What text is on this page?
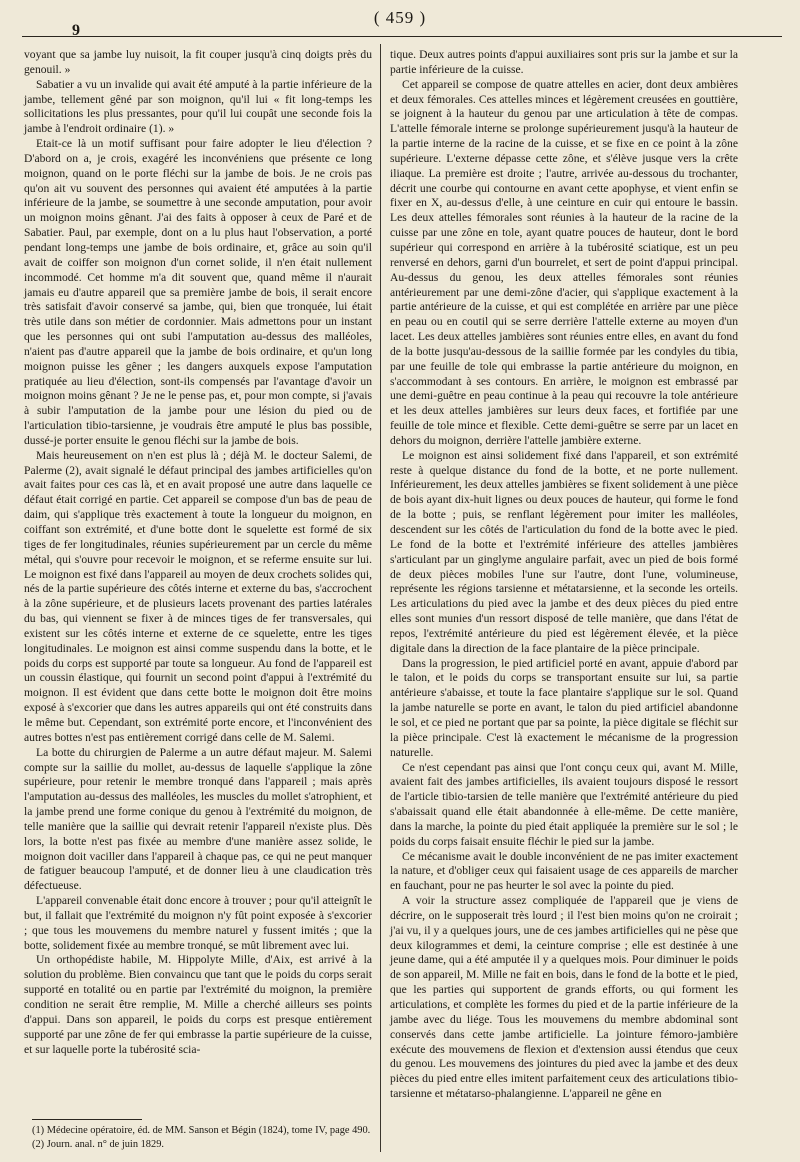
9
( 459 )

voyant que sa jambe luy nuisoit, la fit couper jusqu'à cinq doigts près du genouil. »

Sabatier a vu un invalide qui avait été amputé à la partie inférieure de la jambe, tellement gêné par son moignon, qu'il lui « fit long-temps les sollicitations les plus pressantes, pour qu'il lui coupât une seconde fois la jambe à l'endroit ordinaire (1). »

Etait-ce là un motif suffisant pour faire adopter le lieu d'élection ? D'abord on a, je crois, exagéré les inconvéniens que présente ce long moignon, quand on le porte fléchi sur la jambe de bois. Je ne crois pas qu'on ait vu souvent des personnes qui avaient été amputées à la partie inférieure de la jambe, se soumettre à une seconde amputation, pour avoir un moignon moins gênant. J'ai des faits à opposer à ceux de Paré et de Sabatier. Paul, par exemple, dont on a lu plus haut l'observation, a porté pendant long-temps une jambe de bois ordinaire, et, grâce au soin qu'il avait de coiffer son moignon d'un cornet solide, il n'en était nullement incommodé. Cet homme m'a dit souvent que, quand même il n'aurait jamais eu d'autre appareil que sa première jambe de bois, il serait encore très satisfait d'avoir conservé sa jambe, qui, bien que tronquée, lui était très utile dans son métier de cordonnier. Mais admettons pour un instant que les personnes qui ont subi l'amputation au-dessus des malléoles, n'aient pas d'autre appareil que la jambe de bois ordinaire, et qu'un long moignon puisse les gêner ; les dangers auxquels expose l'amputation pratiquée au lieu d'élection, sont-ils compensés par l'avantage d'avoir un moignon moins gênant ? Je ne le pense pas, et, pour mon compte, si j'avais à subir l'amputation de la jambe pour une lésion du pied ou de l'articulation tibio-tarsienne, je voudrais être amputé le plus bas possible, dussé-je porter ensuite le genou fléchi sur la jambe de bois.

Mais heureusement on n'en est plus là ; déjà M. le docteur Salemi, de Palerme (2), avait signalé le défaut principal des jambes artificielles qu'on avait faites pour ces cas là, et en avait proposé une autre dans laquelle ce défaut était corrigé en partie. Cet appareil se compose d'un bas de peau de daim, qui s'applique très exactement à toute la longueur du moignon, en coiffant son extrémité, et d'une botte dont le squelette est formé de six tiges de fer longitudinales, réunies supérieurement par un cercle du même métal, qui s'ouvre pour recevoir le moignon, et se referme ensuite sur lui. Le moignon est fixé dans l'appareil au moyen de deux crochets solides qui, nés de la partie supérieure des côtés interne et externe du bas, s'accrochent à la zône supérieure, et de plusieurs lacets provenant des parties latérales du bas, qui viennent se fixer à de minces tiges de fer transversales, qui existent sur les côtés interne et externe de ce squelette, entre les tiges longitudinales. Le moignon est ainsi comme suspendu dans la botte, et le poids du corps est supporté par toute sa longueur. Au fond de l'appareil est un coussin élastique, qui fournit un second point d'appui à l'extrémité du moignon. Il est évident que dans cette botte le moignon doit être moins exposé à s'excorier que dans les autres appareils qui ont été construits dans le même but. Cependant, son extrémité porte encore, et l'inconvénient des autres bottes n'est pas entièrement corrigé dans celle de M. Salemi.

La botte du chirurgien de Palerme a un autre défaut majeur. M. Salemi compte sur la saillie du mollet, au-dessus de laquelle s'applique la zône supérieure, pour retenir le membre tronqué dans l'appareil ; mais après l'amputation au-dessus des malléoles, les muscles du mollet s'atrophient, et la jambe prend une forme conique du genou à l'extrémité du moignon, de telle manière que la saillie qui devrait retenir l'appareil n'existe plus. Dès lors, la botte n'est pas fixée au membre d'une manière assez solide, le moignon doit vaciller dans l'appareil à chaque pas, ce qui ne peut manquer de fatiguer beaucoup l'amputé, et de donner lieu à une claudication très défectueuse.

L'appareil convenable était donc encore à trouver ; pour qu'il atteignît le but, il fallait que l'extrémité du moignon n'y fût point exposée à s'excorier ; que tous les mouvemens du membre naturel y fussent imités ; que la botte, solidement fixée au membre tronqué, se mût librement avec lui.

Un orthopédiste habile, M. Hippolyte Mille, d'Aix, est arrivé à la solution du problème. Bien convaincu que tant que le poids du corps serait supporté en totalité ou en partie par l'extrémité du moignon, la première condition ne serait être remplie, M. Mille a cherché ailleurs ses points d'appui. Dans son appareil, le poids du corps est presque entièrement supporté par une zône de fer qui embrasse la partie supérieure de la cuisse, et sur laquelle porte la tubérosité scia-

tique. Deux autres points d'appui auxiliaires sont pris sur la jambe et sur la partie inférieure de la cuisse.

Cet appareil se compose de quatre attelles en acier, dont deux ambières et deux fémorales. Ces attelles minces et légèrement creusées en gouttière, se joignent à la hauteur du genou par une articulation à tête de compas. L'attelle fémorale interne se prolonge supérieurement jusqu'à la hauteur de la partie interne de la racine de la cuisse, et se fixe en ce point à la zône supérieure. L'externe dépasse cette zône, et s'élève jusque vers la crête iliaque. La première est droite ; l'autre, arrivée au-dessous du trochanter, décrit une courbe qui contourne en avant cette apophyse, et vient enfin se fixer en X, au-dessus d'elle, à une ceinture en cuir qui entoure le bassin. Les deux attelles fémorales sont réunies à la hauteur de la racine de la cuisse par une zône en tole, ayant quatre pouces de hauteur, dont le bord supérieur qui correspond en arrière à la tubérosité sciatique, est un peu renversé en dehors, garni d'un bourrelet, et sert de point d'appui principal. Au-dessus du genou, les deux attelles fémorales sont réunies antérieurement par une demi-zône d'acier, qui s'applique exactement à la partie antérieure de la cuisse, et qui est complétée en arrière par une pièce en peau ou en coutil qui se serre derrière l'attelle externe au moyen d'un lacet. Les deux attelles jambières sont réunies entre elles, en avant du fond de la botte jusqu'au-dessous de la saillie formée par les condyles du tibia, par une feuille de tole qui embrasse la partie antérieure du moignon, en s'accommodant à ses contours. En arrière, le moignon est embrassé par une demi-guêtre en peau continue à la peau qui recouvre la tole antérieure et les deux attelles jambières sur leurs deux faces, et fortifiée par une feuille de tole mince et flexible. Cette demi-guêtre se serre par un lacet en dehors du moignon, derrière l'attelle jambière externe.

Le moignon est ainsi solidement fixé dans l'appareil, et son extrémité reste à quelque distance du fond de la botte, et ne porte nullement. Inférieurement, les deux attelles jambières se fixent solidement à une pièce de bois ayant dix-huit lignes ou deux pouces de hauteur, qui forme le fond de la botte ; puis, se renflant légèrement pour imiter les malléoles, descendent sur les côtés de l'articulation du fond de la botte avec le pied. Le fond de la botte et l'extrémité inférieure des attelles jambières s'articulant par un ginglyme angulaire parfait, avec un pied de bois formé de deux pièces mobiles l'une sur l'autre, dont l'une, volumineuse, représente les régions tarsienne et métatarsienne, et la seconde les orteils. Les articulations du pied avec la jambe et des deux pièces du pied entre elles sont munies d'un ressort disposé de telle manière, que dans l'état de repos, l'extrémité antérieure du pied est légèrement élevée, et la pièce digitale dans la direction de la face plantaire de la pièce principale.

Dans la progression, le pied artificiel porté en avant, appuie d'abord par le talon, et le poids du corps se transportant ensuite sur lui, sa partie antérieure s'abaisse, et toute la face plantaire s'applique sur le sol. Quand la jambe naturelle se porte en avant, le talon du pied artificiel abandonne le sol, et ce pied ne portant que par sa pointe, la pièce digitale se fléchit sur la pièce principale. C'est là exactement le mécanisme de la progression naturelle.

Ce n'est cependant pas ainsi que l'ont conçu ceux qui, avant M. Mille, avaient fait des jambes artificielles, ils avaient toujours disposé le ressort de l'article tibio-tarsien de telle manière que l'extrémité antérieure du pied s'abaissait quand elle était abandonnée à elle-même. De cette manière, dans la marche, la pointe du pied était appliquée la première sur le sol ; le poids du corps faisait ensuite fléchir le pied sur la jambe.

Ce mécanisme avait le double inconvénient de ne pas imiter exactement la nature, et d'obliger ceux qui faisaient usage de ces appareils de marcher en fauchant, pour ne pas heurter le sol avec la pointe du pied.

A voir la structure assez compliquée de l'appareil que je viens de décrire, on le supposerait très lourd ; il l'est bien moins qu'on ne croirait ; j'ai vu, il y a quelques jours, une de ces jambes artificielles qui ne pèse que deux kilogrammes et demi, la ceinture comprise ; elle est destinée à une jeune dame, qui a été amputée il y a quelques mois. Pour diminuer le poids de son appareil, M. Mille ne fait en bois, dans le fond de la botte et le pied, que les parties qui supportent de grands efforts, ou qui forment les articulations, et complète les formes du pied et de la partie inférieure de la jambe avec du liége. Tous les mouvemens du membre abdominal sont conservés dans cette jambe artificielle. La jointure fémoro-jambière exécute des mouvemens de flexion et d'extension aussi étendus que ceux du genou. Les mouvemens des jointures du pied avec la jambe et des deux pièces du pied entre elles imitent parfaitement ceux des articulations tibio-tarsienne et métatarso-phalangienne. L'appareil ne gêne en

(1) Médecine opératoire, éd. de MM. Sanson et Bégin (1824), tome IV, page 490.
(2) Journ. anal. n° de juin 1829.
